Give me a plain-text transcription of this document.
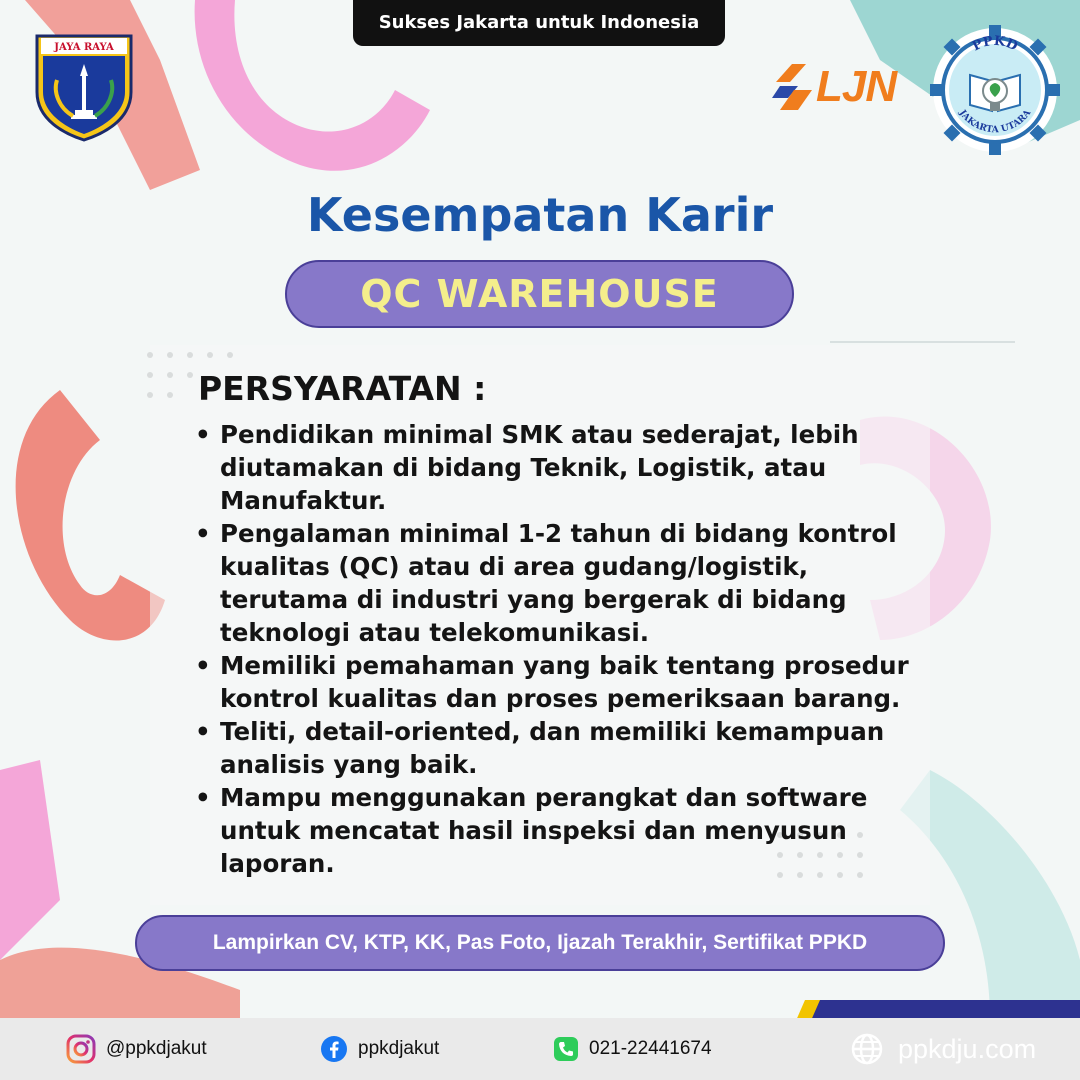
Sukses Jakarta untuk Indonesia
JAYA RAYA
LJN
PPKD
JAKARTA UTARA
Kesempatan Karir
QC WAREHOUSE
PERSYARATAN :
• Pendidikan minimal SMK atau sederajat, lebih
diutamakan di bidang Teknik, Logistik, atau
Manufaktur.
• Pengalaman minimal 1-2 tahun di bidang kontrol
kualitas (QC) atau di area gudang/logistik,
terutama di industri yang bergerak di bidang
teknologi atau telekomunikasi.
• Memiliki pemahaman yang baik tentang prosedur
kontrol kualitas dan proses pemeriksaan barang.
• Teliti, detail-oriented, dan memiliki kemampuan
analisis yang baik.
• Mampu menggunakan perangkat dan software
untuk mencatat hasil inspeksi dan menyusun
laporan.
Lampirkan CV, KTP, KK, Pas Foto, Ijazah Terakhir, Sertifikat PPKD
@ppkdjakut	ppkdjakut	021-22441674	ppkdju.com
